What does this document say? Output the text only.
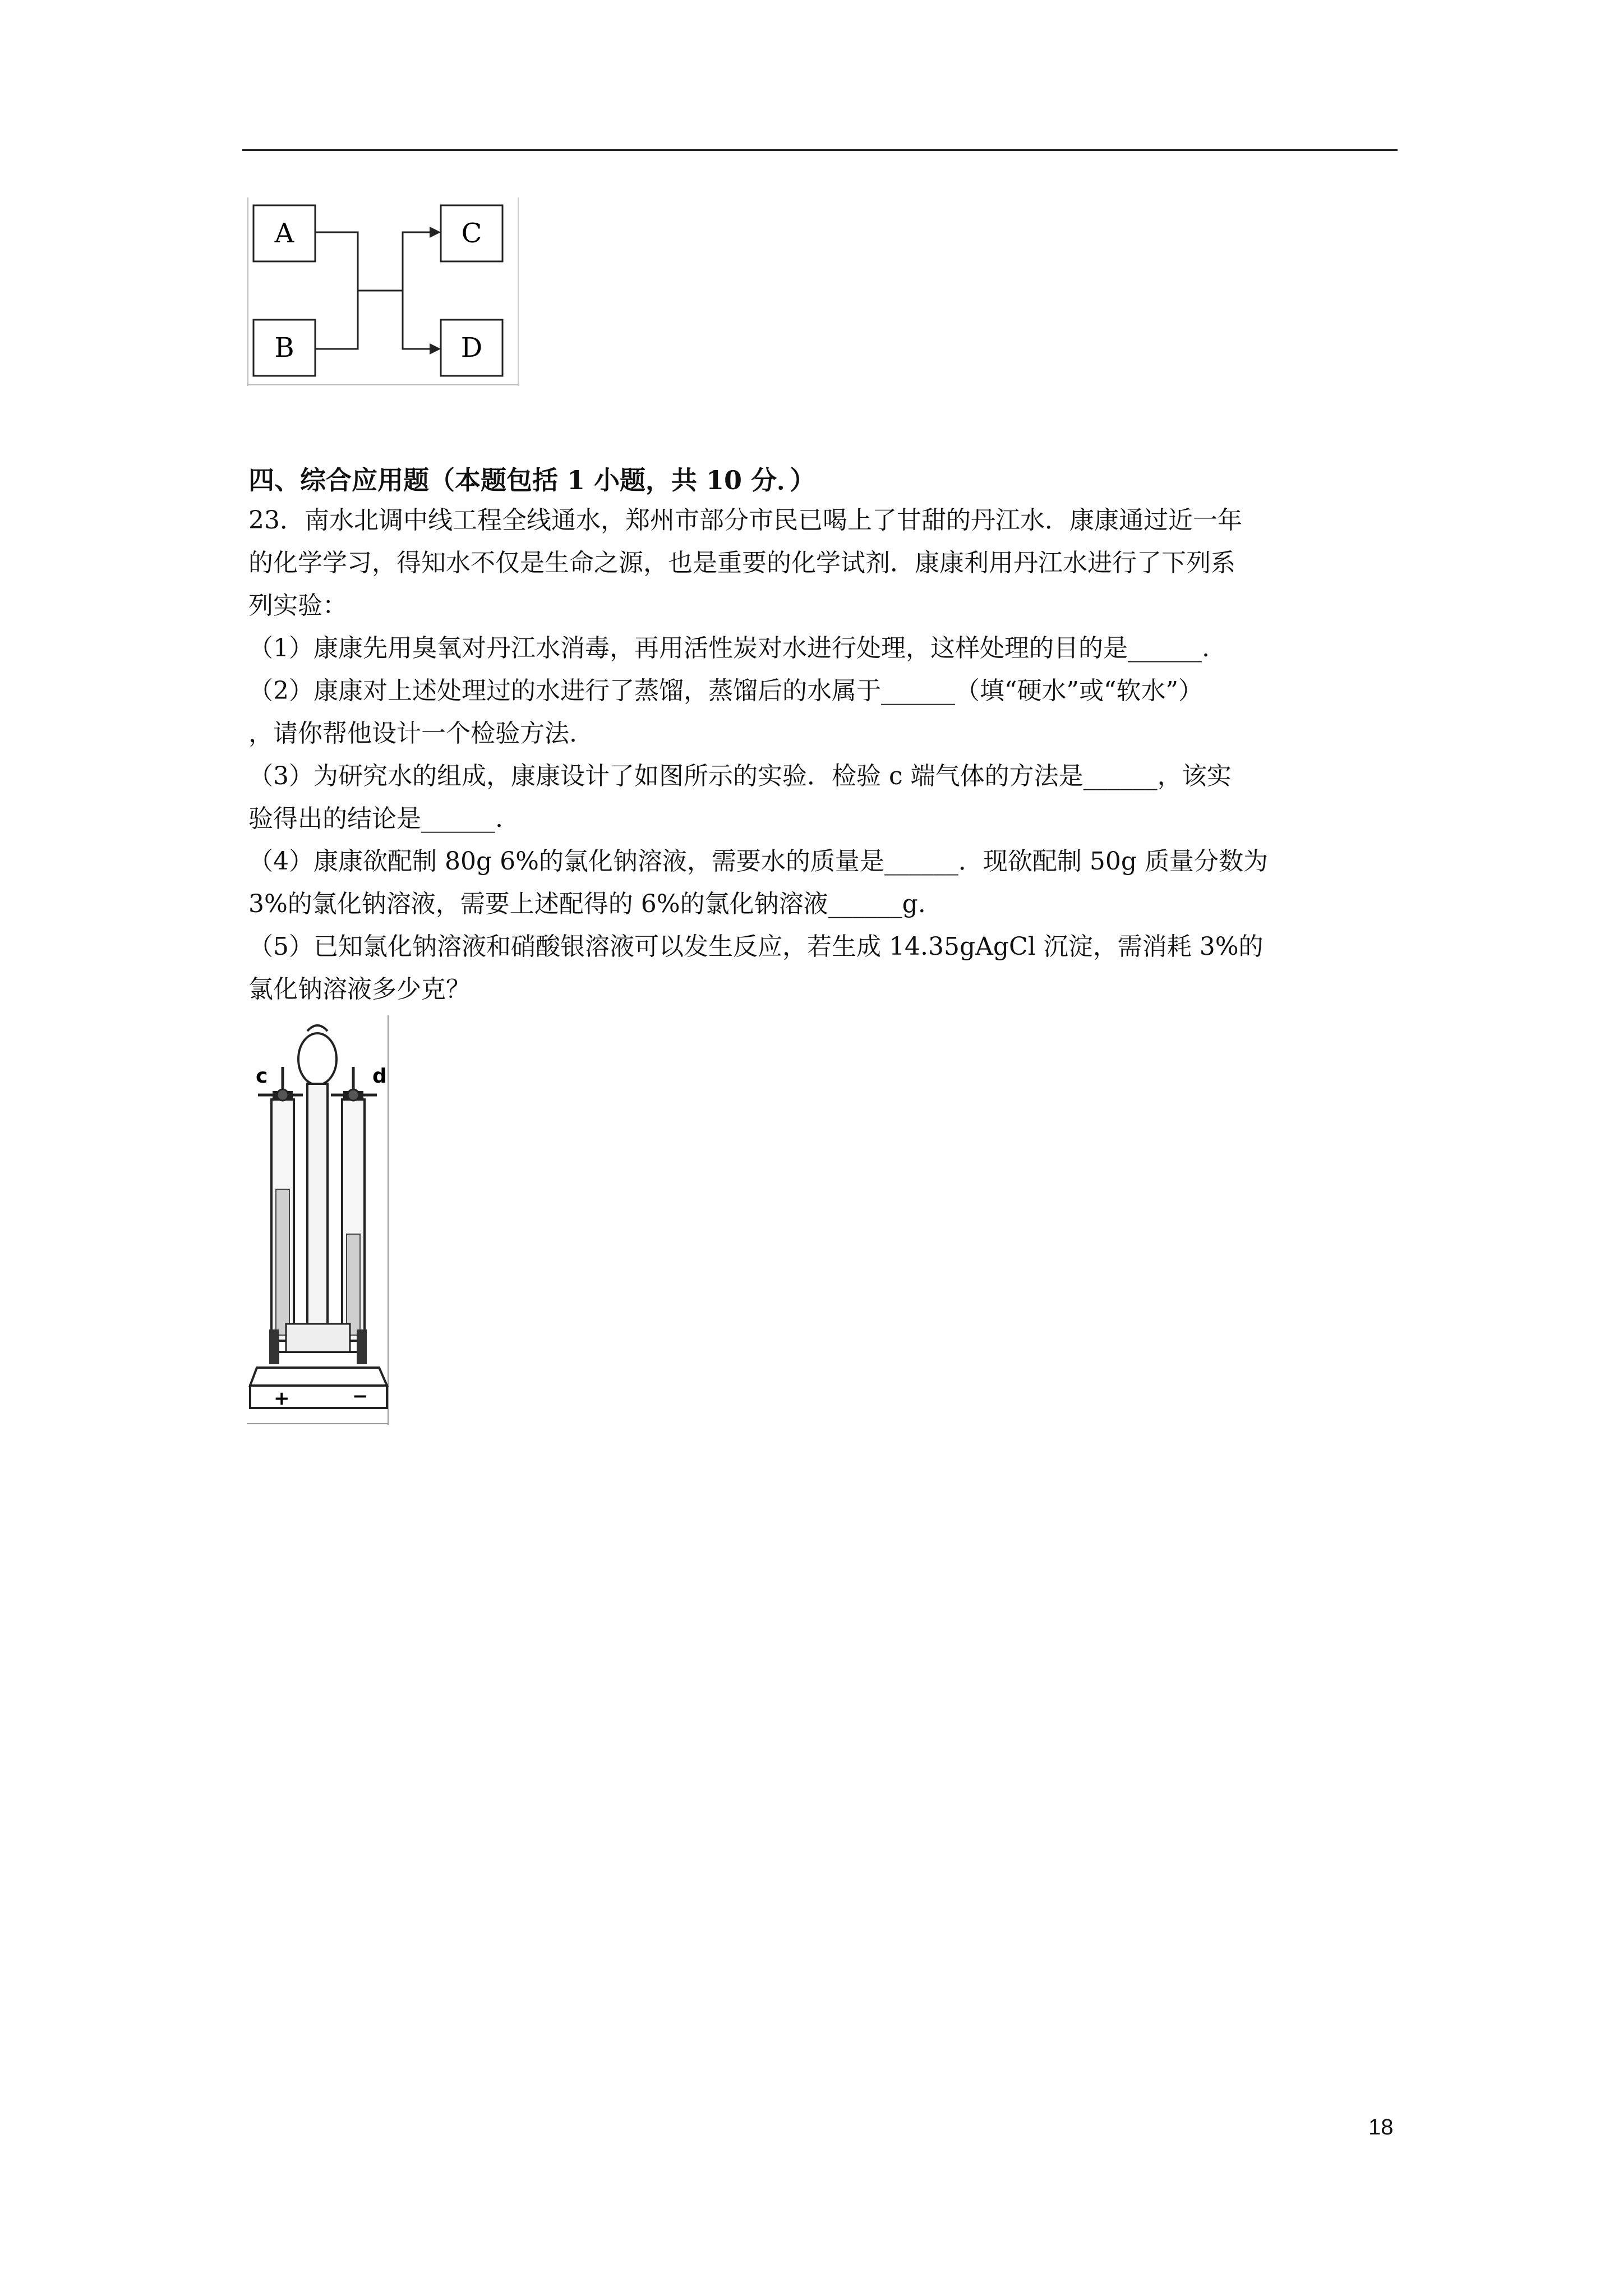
A
B
C
D
四、综合应用题（本题包括 1 小题，共 10 分．）

23．南水北调中线工程全线通水，郑州市部分市民已喝上了甘甜的丹江水．康康通过近一年

的化学学习，得知水不仅是生命之源，也是重要的化学试剂．康康利用丹江水进行了下列系

列实验：

（1）康康先用臭氧对丹江水消毒，再用活性炭对水进行处理，这样处理的目的是______.

（2）康康对上述处理过的水进行了蒸馏，蒸馏后的水属于______（填“硬水”或“软水”）

，请你帮他设计一个检验方法.

（3）为研究水的组成，康康设计了如图所示的实验．检验 c 端气体的方法是______，该实

验得出的结论是______.

（4）康康欲配制 80g 6%的氯化钠溶液，需要水的质量是______．现欲配制 50g 质量分数为

3%的氯化钠溶液，需要上述配得的 6%的氯化钠溶液______g.

（5）已知氯化钠溶液和硝酸银溶液可以发生反应，若生成 14.35gAgCl 沉淀，需消耗 3%的

氯化钠溶液多少克？

c	d
+	−
18
